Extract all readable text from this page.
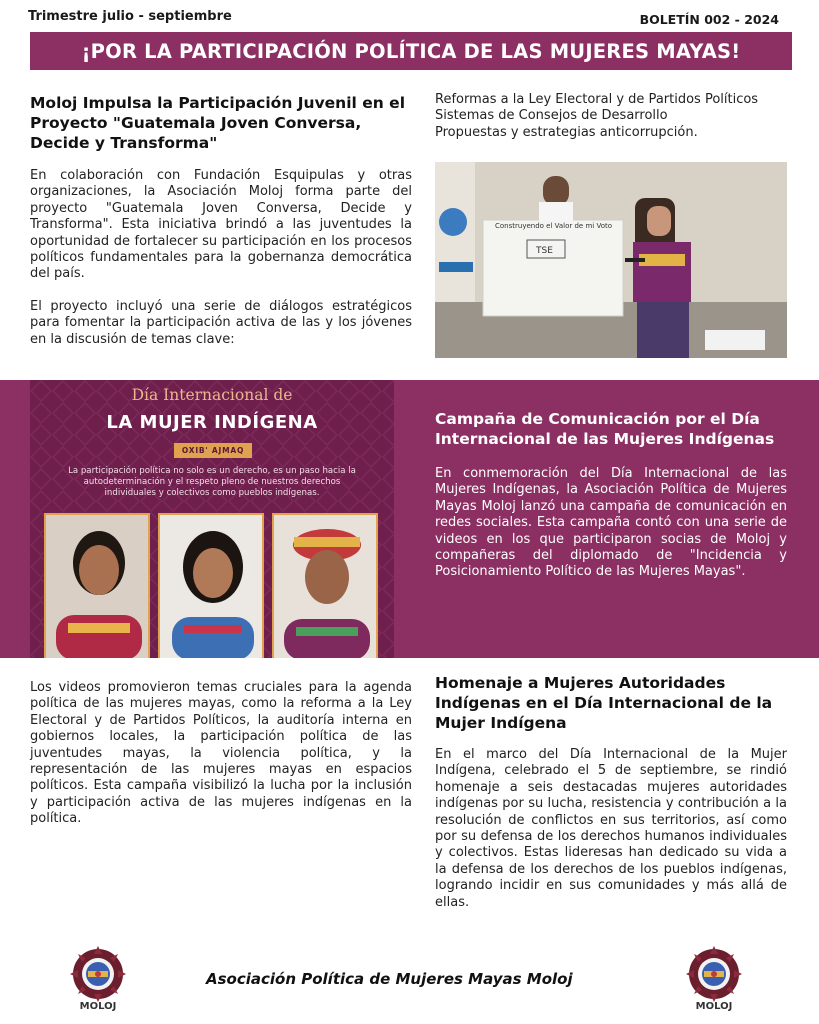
Trimestre julio - septiembre	BOLETÍN 002 - 2024
¡POR LA PARTICIPACIÓN POLÍTICA DE LAS MUJERES MAYAS!
Moloj Impulsa la Participación Juvenil en el Proyecto "Guatemala Joven Conversa, Decide y Transforma"

En colaboración con Fundación Esquipulas y otras organizaciones, la Asociación Moloj forma parte del proyecto "Guatemala Joven Conversa, Decide y Transforma". Esta iniciativa brindó a las juventudes la oportunidad de fortalecer su participación en los procesos políticos fundamentales para la gobernanza democrática del país.

El proyecto incluyó una serie de diálogos estratégicos para fomentar la participación activa de las y los jóvenes en la discusión de temas clave:

Reformas a la Ley Electoral y de Partidos Políticos
Sistemas de Consejos de Desarrollo
Propuestas y estrategias anticorrupción.
Construyendo el Valor de mi Voto
TSE
Día Internacional de
LA MUJER INDÍGENA
OXIB' AJMAQ
La participación política no solo es un derecho, es un paso hacia la autodeterminación y el respeto pleno de nuestros derechos individuales y colectivos como pueblos indígenas.
Campaña de Comunicación por el Día Internacional de las Mujeres Indígenas

En conmemoración del Día Internacional de las Mujeres Indígenas, la Asociación Política de Mujeres Mayas Moloj lanzó una campaña de comunicación en redes sociales. Esta campaña contó con una serie de videos en los que participaron socias de Moloj y compañeras del diplomado de "Incidencia y Posicionamiento Político de las Mujeres Mayas".

Los videos promovieron temas cruciales para la agenda política de las mujeres mayas, como la reforma a la Ley Electoral y de Partidos Políticos, la auditoría interna en gobiernos locales, la participación política de las juventudes mayas, la violencia política, y la representación de las mujeres mayas en espacios políticos. Esta campaña visibilizó la lucha por la inclusión y participación activa de las mujeres indígenas en la política.

Homenaje a Mujeres Autoridades Indígenas en el Día Internacional de la Mujer Indígena

En el marco del Día Internacional de la Mujer Indígena, celebrado el 5 de septiembre, se rindió homenaje a seis destacadas mujeres autoridades indígenas por su lucha, resistencia y contribución a la resolución de conflictos en sus territorios, así como por su defensa de los derechos humanos individuales y colectivos. Estas lideresas han dedicado su vida a la defensa de los derechos de los pueblos indígenas, logrando incidir en sus comunidades y más allá de ellas.

MOLOJ
Asociación Política de Mujeres Mayas Moloj
MOLOJ
